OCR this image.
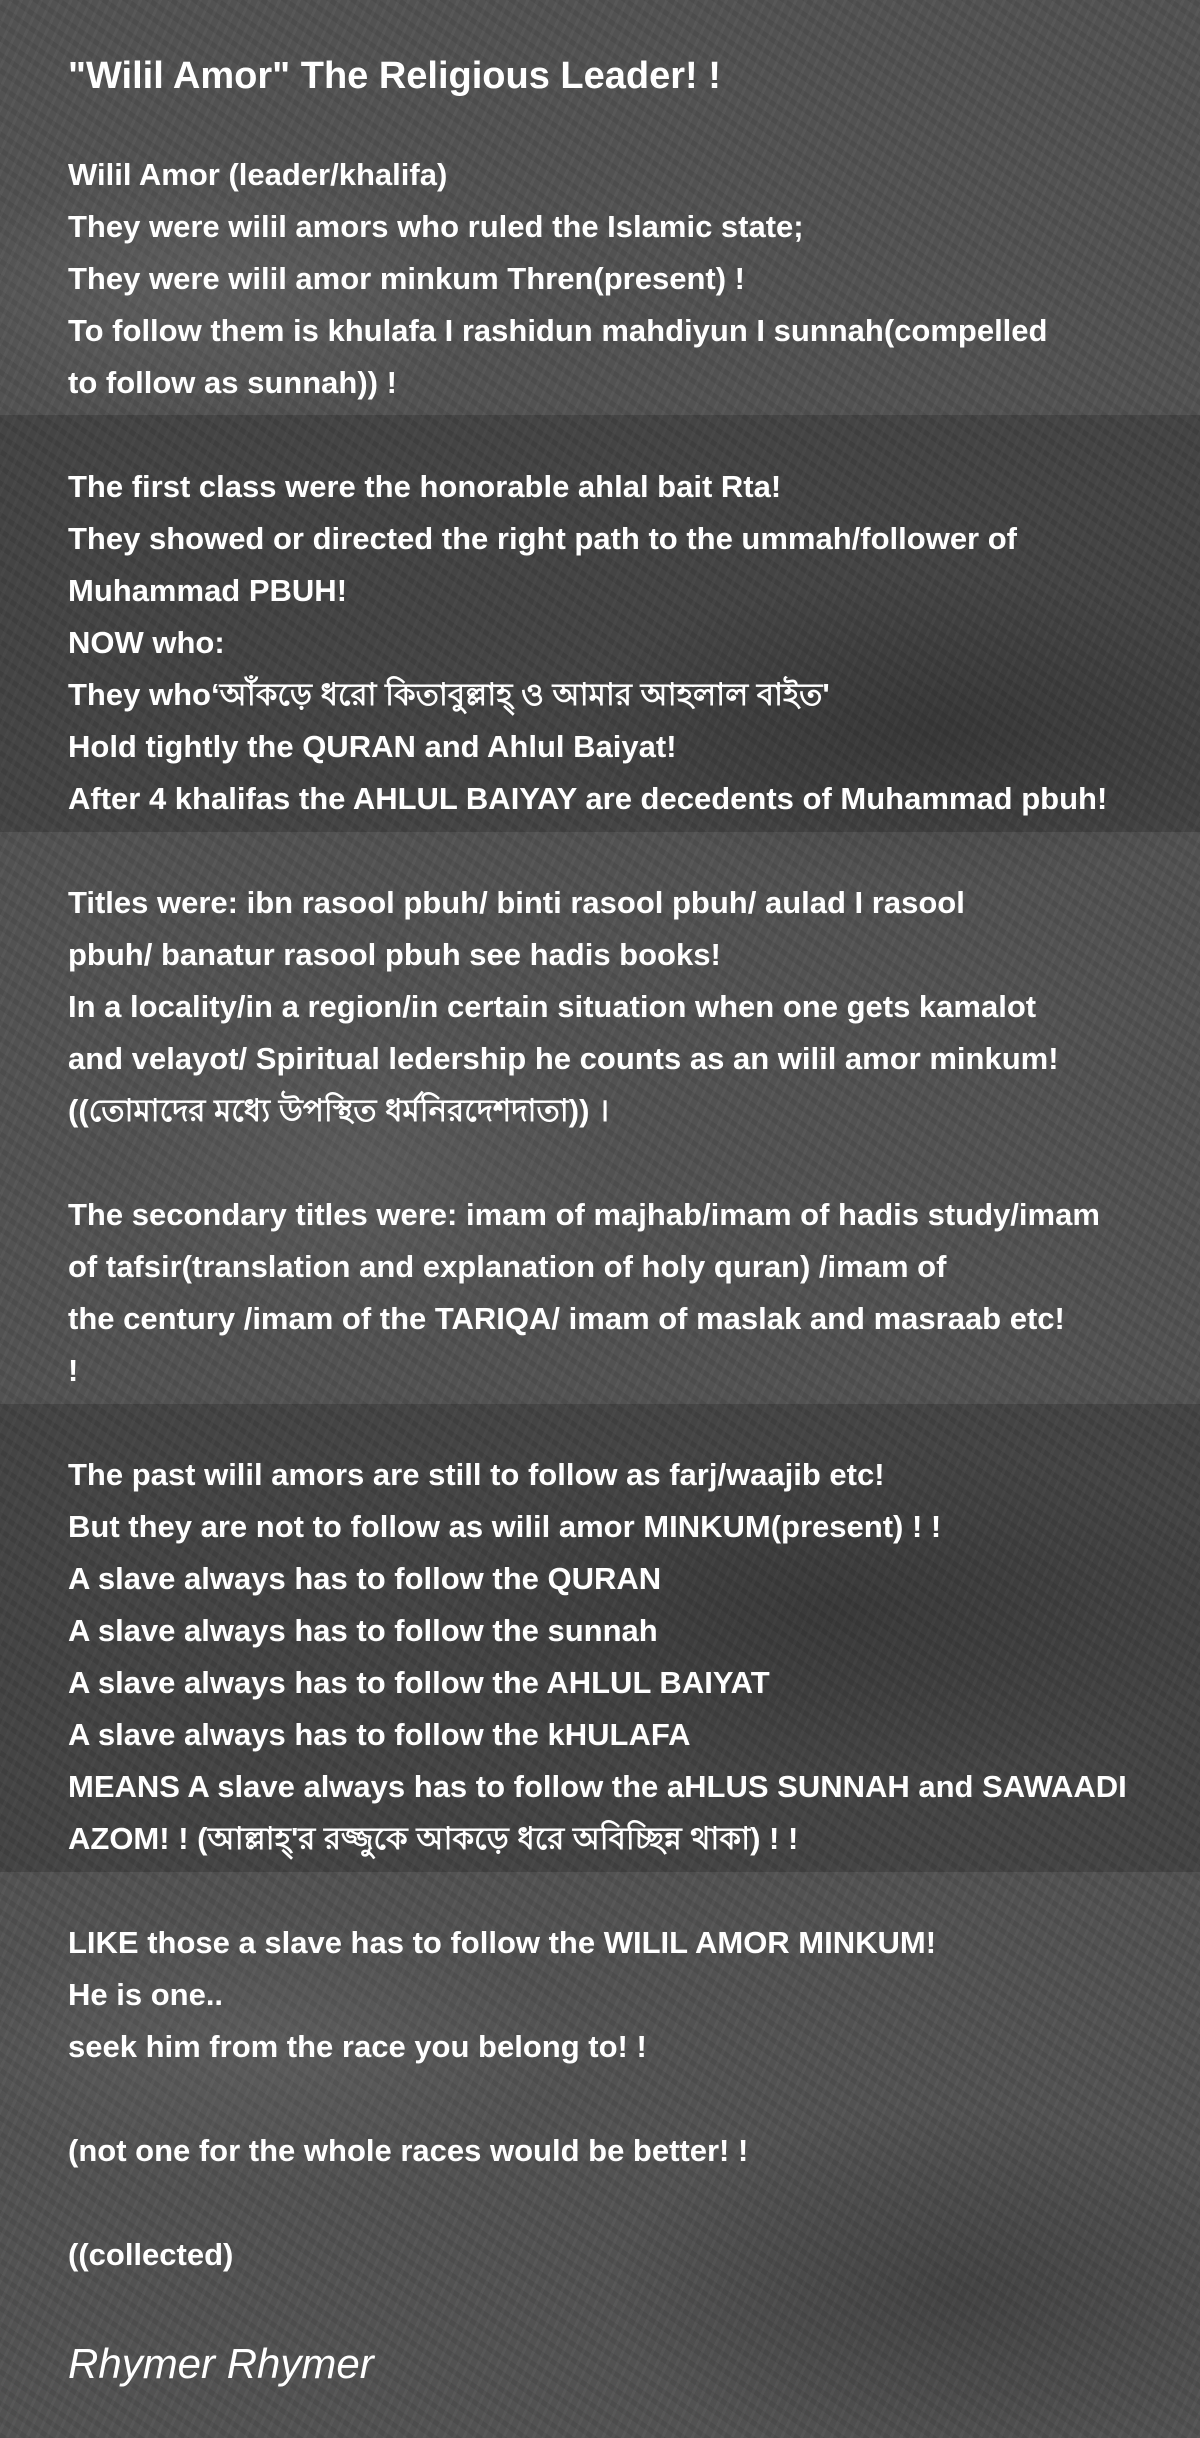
"Wilil Amor" The Religious Leader! !
Wilil Amor (leader/khalifa)
They were wilil amors who ruled the Islamic state;
They were wilil amor minkum Thren(present) !
To follow them is khulafa I rashidun mahdiyun I sunnah(compelled
to follow as sunnah)) !
The first class were the honorable ahlal bait Rta!
They showed or directed the right path to the ummah/follower of
Muhammad PBUH!
NOW who:
They who‘আঁকড়ে ধরো কিতাবুল্লাহ্ ও আমার আহলাল বাইত'
Hold tightly the QURAN and Ahlul Baiyat!
After 4 khalifas the AHLUL BAIYAY are decedents of Muhammad pbuh!
Titles were: ibn rasool pbuh/ binti rasool pbuh/ aulad I rasool
pbuh/ banatur rasool pbuh see hadis books!
In a locality/in a region/in certain situation when one gets kamalot
and velayot/ Spiritual ledership he counts as an wilil amor minkum!
((তোমাদের মধ্যে উপস্থিত ধর্মনিরদেশদাতা)) ।
The secondary titles were: imam of majhab/imam of hadis study/imam
of tafsir(translation and explanation of holy quran) /imam of
the century /imam of the TARIQA/ imam of maslak and masraab etc!
!
The past wilil amors are still to follow as farj/waajib etc!
But they are not to follow as wilil amor MINKUM(present) ! !
A slave always has to follow the QURAN
A slave always has to follow the sunnah
A slave always has to follow the AHLUL BAIYAT
A slave always has to follow the kHULAFA
MEANS A slave always has to follow the aHLUS SUNNAH and SAWAADI
AZOM! ! (আল্লাহ্'র রজ্জুকে আকড়ে ধরে অবিচ্ছিন্ন থাকা) ! !
LIKE those a slave has to follow the WILIL AMOR MINKUM!
He is one..
seek him from the race you belong to! !
(not one for the whole races would be better! !
((collected)
Rhymer Rhymer
